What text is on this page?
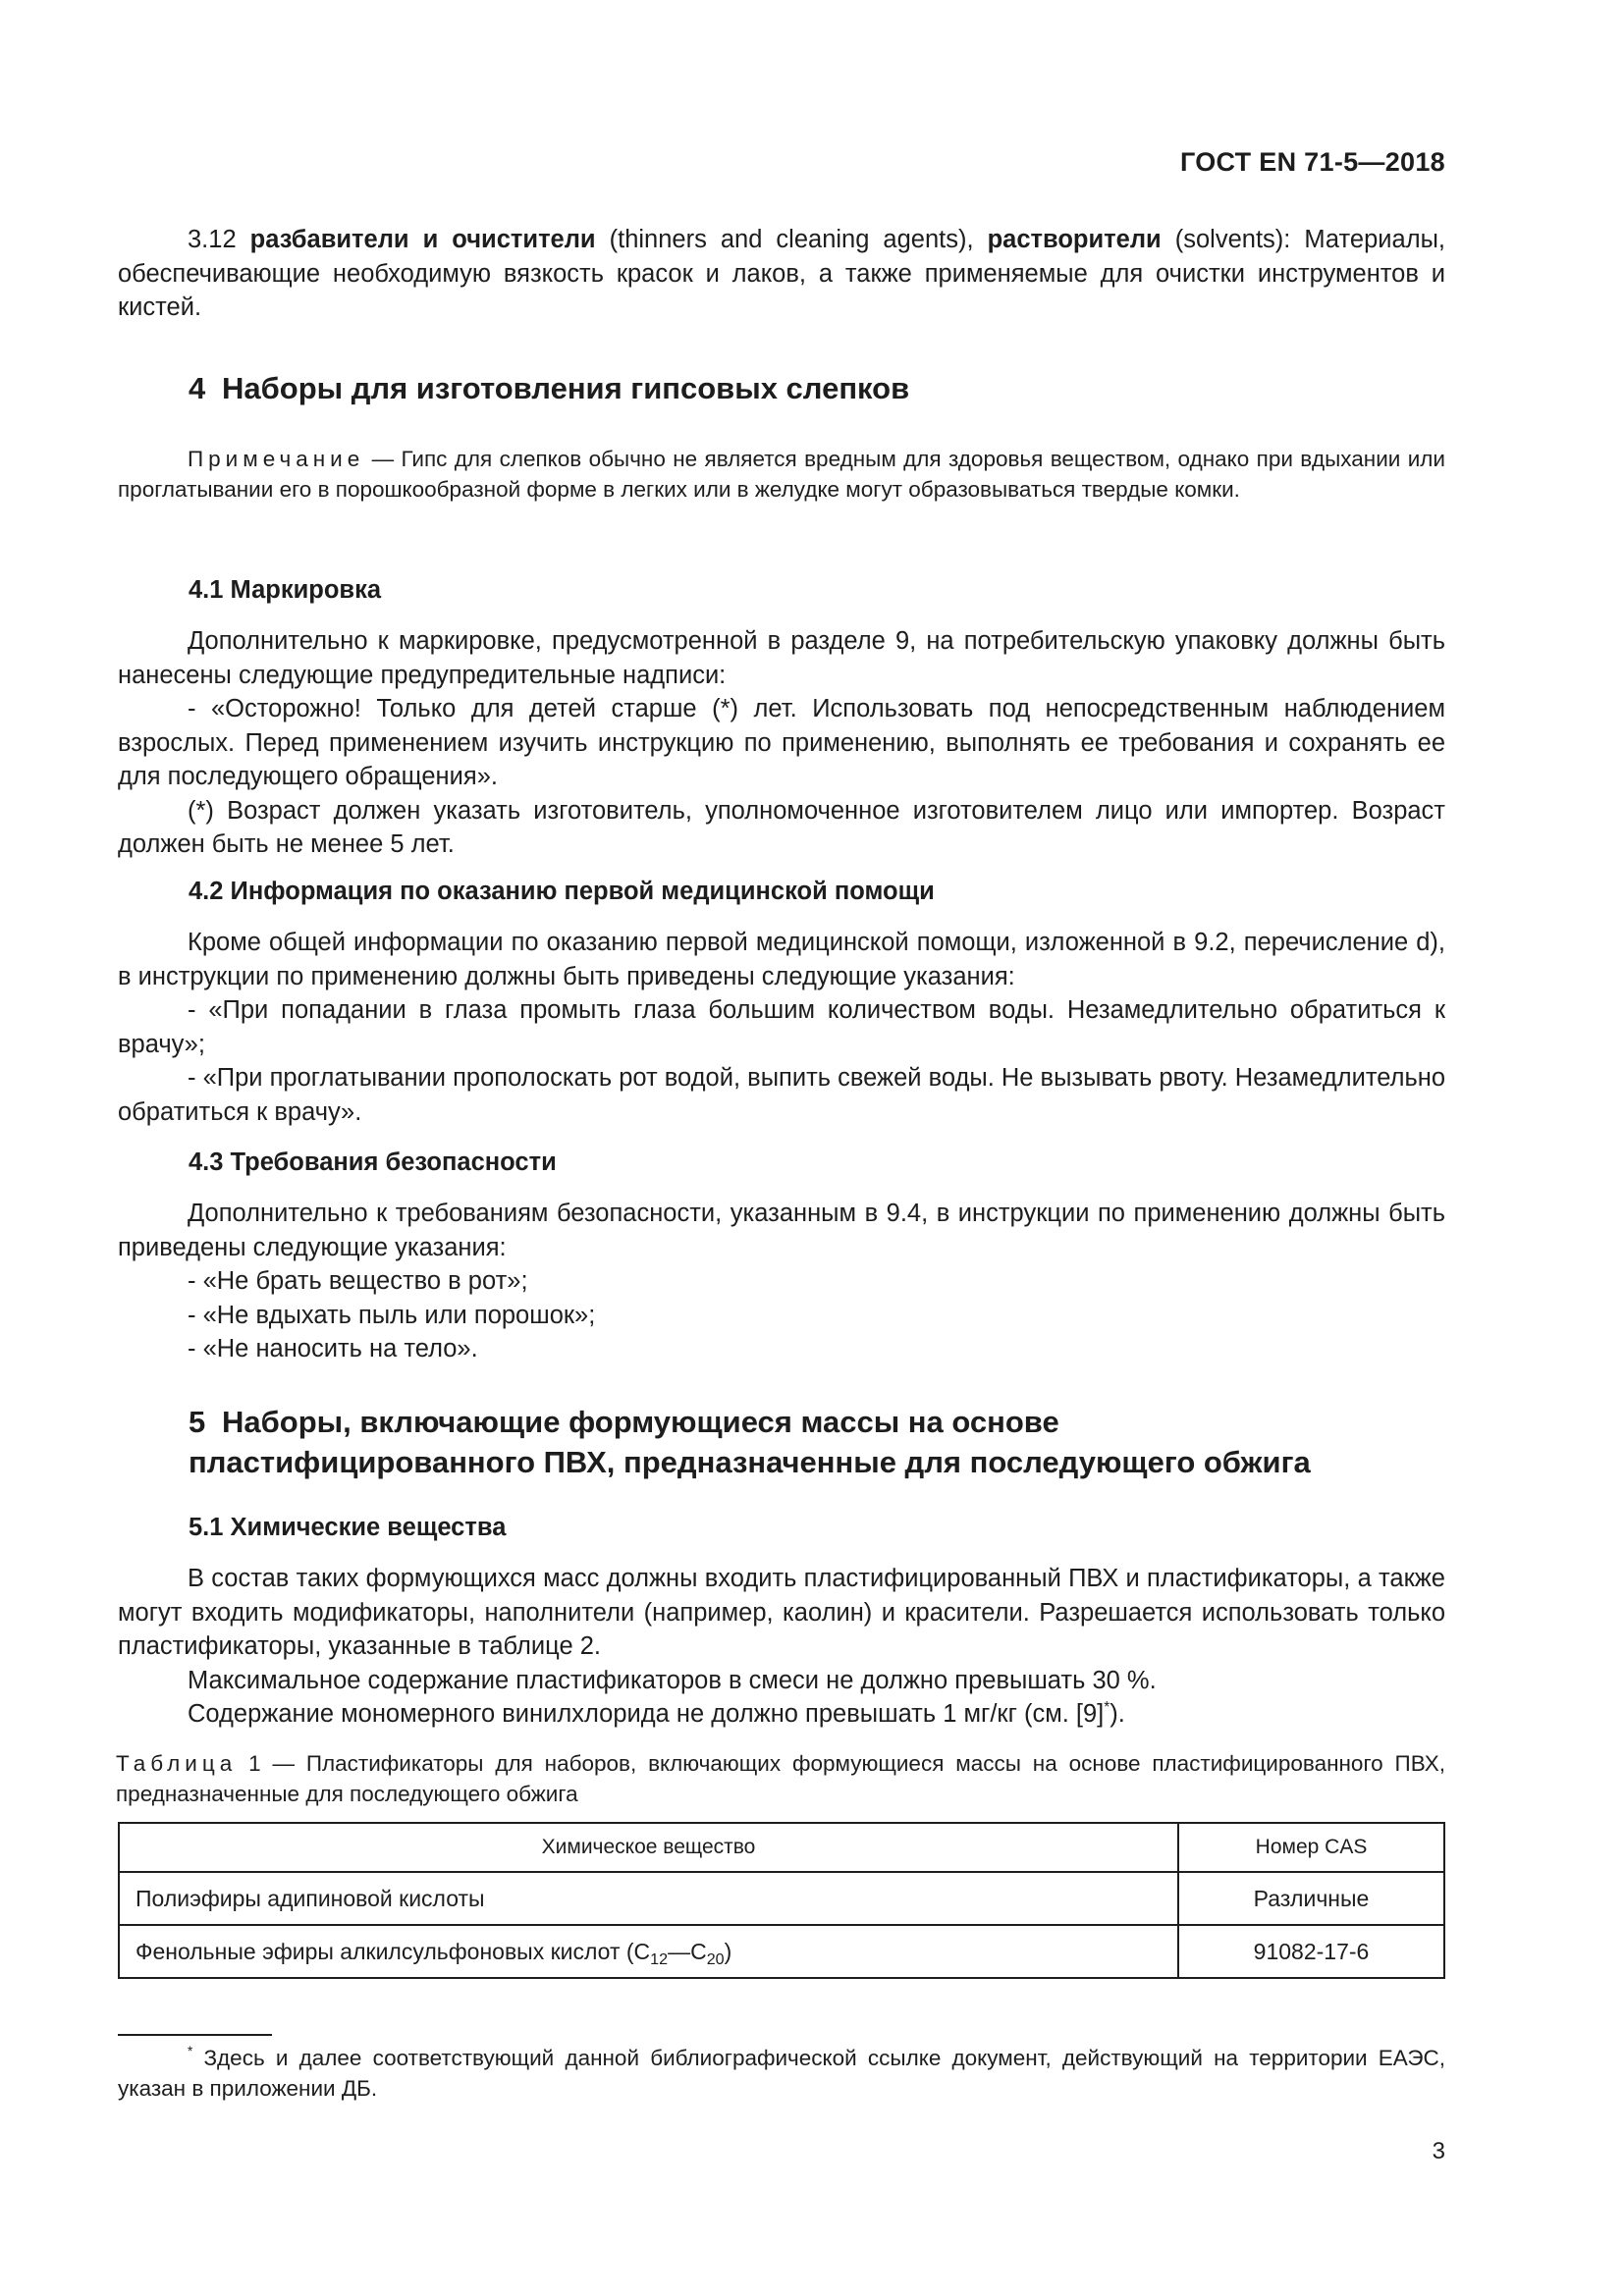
ГОСТ EN 71-5—2018

3.12 разбавители и очистители (thinners and cleaning agents), растворители (solvents): Материалы, обеспечивающие необходимую вязкость красок и лаков, а также применяемые для очистки инструментов и кистей.

4 Наборы для изготовления гипсовых слепков

Примечание — Гипс для слепков обычно не является вредным для здоровья веществом, однако при вдыхании или проглатывании его в порошкообразной форме в легких или в желудке могут образовываться твердые комки.

4.1 Маркировка

Дополнительно к маркировке, предусмотренной в разделе 9, на потребительскую упаковку должны быть нанесены следующие предупредительные надписи:

- «Осторожно! Только для детей старше (*) лет. Использовать под непосредственным наблюдением взрослых. Перед применением изучить инструкцию по применению, выполнять ее требования и сохранять ее для последующего обращения».

(*) Возраст должен указать изготовитель, уполномоченное изготовителем лицо или импортер. Возраст должен быть не менее 5 лет.

4.2 Информация по оказанию первой медицинской помощи

Кроме общей информации по оказанию первой медицинской помощи, изложенной в 9.2, перечисление d), в инструкции по применению должны быть приведены следующие указания:

- «При попадании в глаза промыть глаза большим количеством воды. Незамедлительно обратиться к врачу»;

- «При проглатывании прополоскать рот водой, выпить свежей воды. Не вызывать рвоту. Незамедлительно обратиться к врачу».

4.3 Требования безопасности

Дополнительно к требованиям безопасности, указанным в 9.4, в инструкции по применению должны быть приведены следующие указания:

- «Не брать вещество в рот»;

- «Не вдыхать пыль или порошок»;

- «Не наносить на тело».

5 Наборы, включающие формующиеся массы на основе
пластифицированного ПВХ, предназначенные для последующего обжига
5.1 Химические вещества

В состав таких формующихся масс должны входить пластифицированный ПВХ и пластификаторы, а также могут входить модификаторы, наполнители (например, каолин) и красители. Разрешается использовать только пластификаторы, указанные в таблице 2.

Максимальное содержание пластификаторов в смеси не должно превышать 30 %.

Содержание мономерного винилхлорида не должно превышать 1 мг/кг (см. [9]*).

Таблица 1 — Пластификаторы для наборов, включающих формующиеся массы на основе пластифицированного ПВХ, предназначенные для последующего обжига
Химическое вещество	Номер CAS
Полиэфиры адипиновой кислоты	Различные
Фенольные эфиры алкилсульфоновых кислот $(C_{12}—C_{20})$	91082-17-6

* Здесь и далее соответствующий данной библиографической ссылке документ, действующий на территории ЕАЭС, указан в приложении ДБ.

3
